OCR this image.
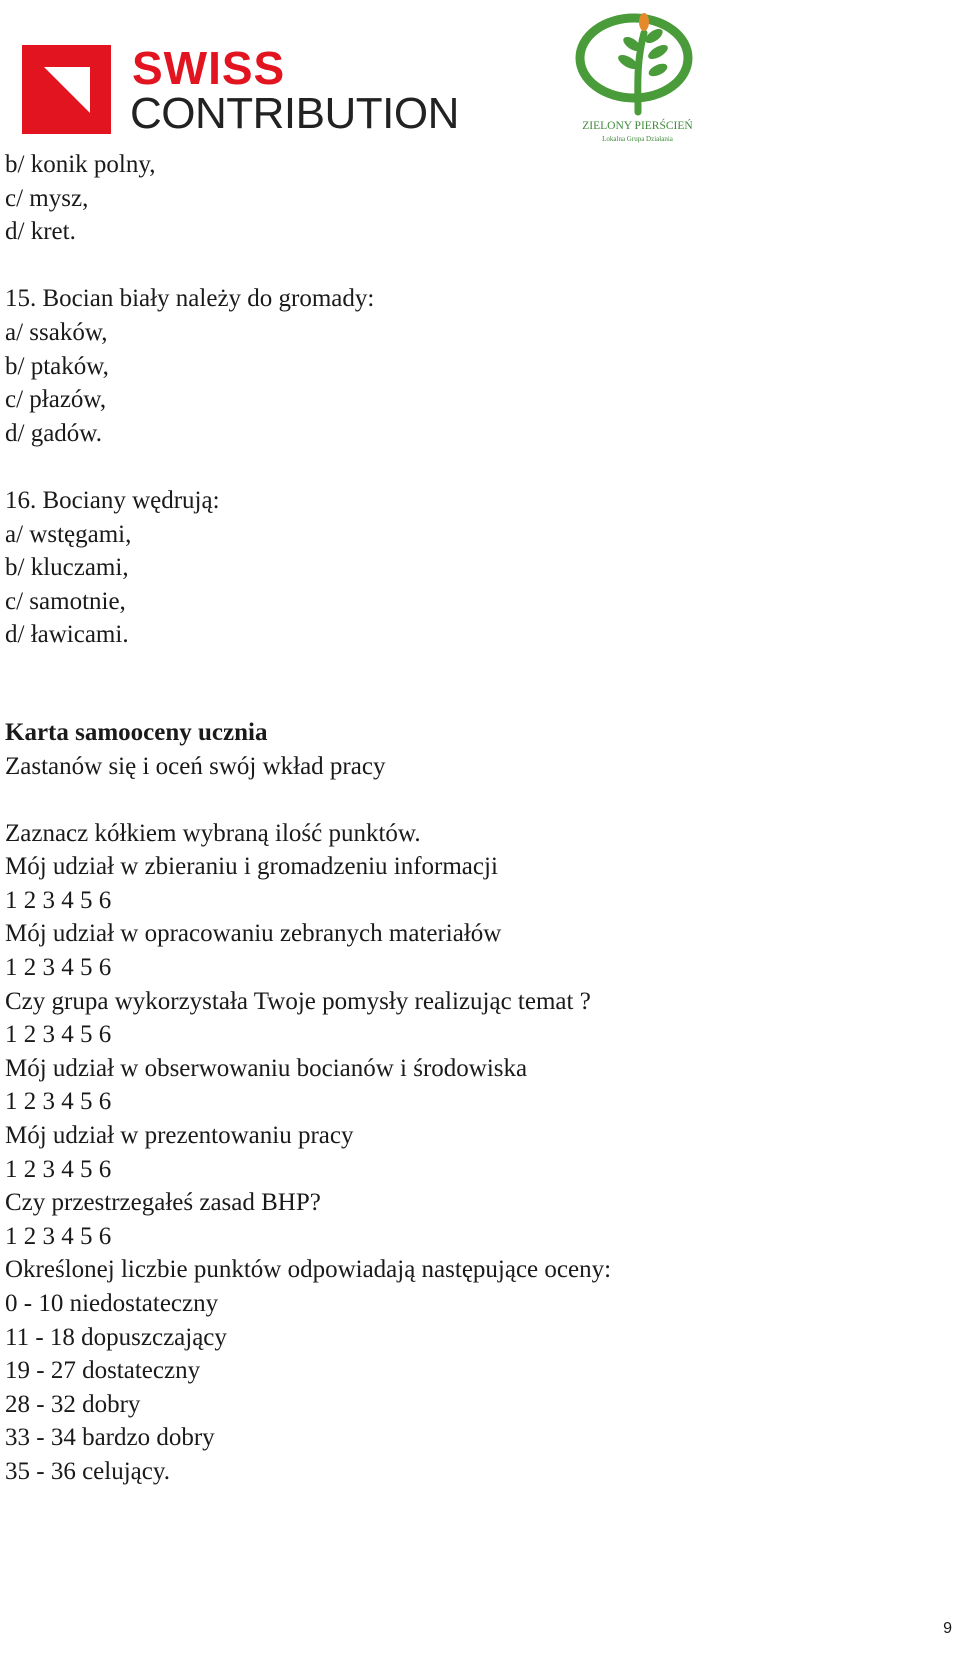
SWISS
CONTRIBUTION	ZIELONY PIERŚCIEŃ
Lokalna Grupa Działania
b/ konik polny,
c/ mysz,
d/ kret.
15. Bocian biały należy do gromady:
a/ ssaków,
b/ ptaków,
c/ płazów,
d/ gadów.
16. Bociany wędrują:
a/ wstęgami,
b/ kluczami,
c/ samotnie,
d/ ławicami.
Karta samooceny ucznia
Zastanów się i oceń swój wkład pracy
Zaznacz kółkiem wybraną ilość punktów.
Mój udział w zbieraniu i gromadzeniu informacji
1 2 3 4 5 6
Mój udział w opracowaniu zebranych materiałów
1 2 3 4 5 6
Czy grupa wykorzystała Twoje pomysły realizując temat ?
1 2 3 4 5 6
Mój udział w obserwowaniu bocianów i środowiska
1 2 3 4 5 6
Mój udział w prezentowaniu pracy
1 2 3 4 5 6
Czy przestrzegałeś zasad BHP?
1 2 3 4 5 6
Określonej liczbie punktów odpowiadają następujące oceny:
0 - 10 niedostateczny
11 - 18 dopuszczający
19 - 27 dostateczny
28 - 32 dobry
33 - 34 bardzo dobry
35 - 36 celujący.
9
